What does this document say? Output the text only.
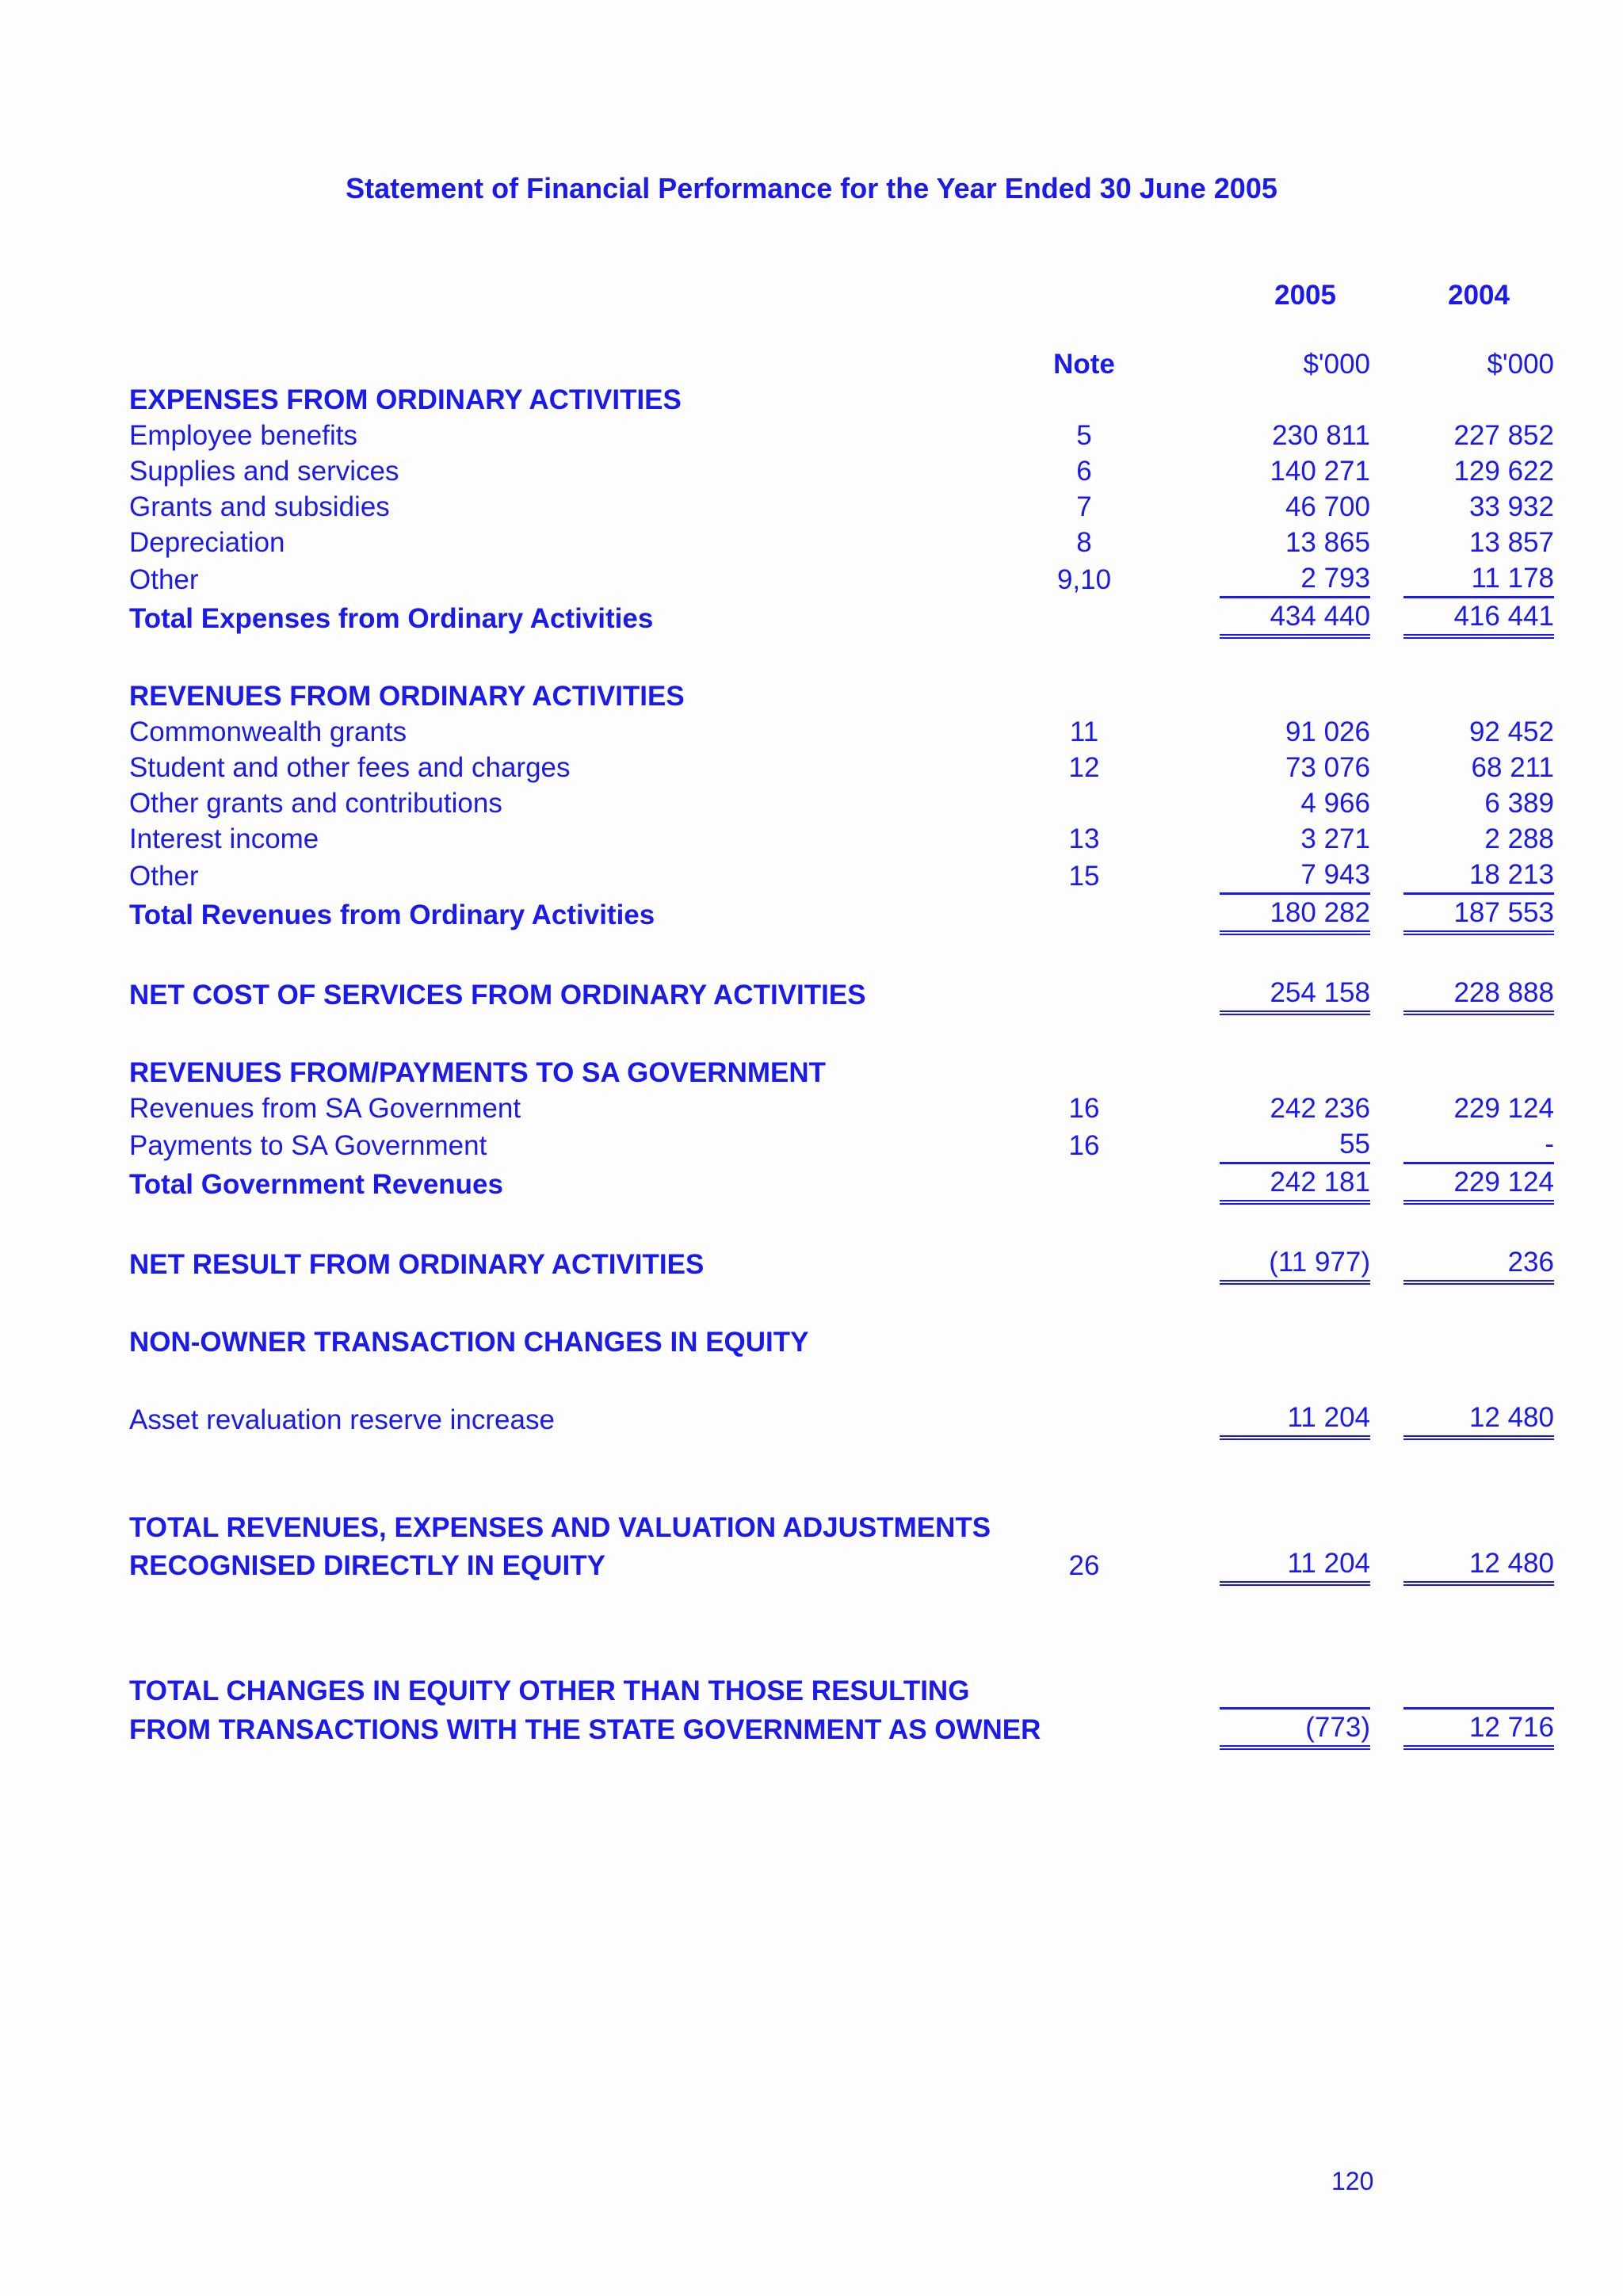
Statement of Financial Performance for the Year Ended 30 June 2005
2005	2004
	Note		$'000		$'000
EXPENSES FROM ORDINARY ACTIVITIES					
Employee benefits	5		230 811		227 852
Supplies and services	6		140 271		129 622
Grants and subsidies	7		46 700		33 932
Depreciation	8		13 865		13 857
Other	9,10		2 793		11 178
Total Expenses from Ordinary Activities			434 440		416 441

REVENUES FROM ORDINARY ACTIVITIES					
Commonwealth grants	11		91 026		92 452
Student and other fees and charges	12		73 076		68 211
Other grants and contributions			4 966		6 389
Interest income	13		3 271		2 288
Other	15		7 943		18 213
Total Revenues from Ordinary Activities			180 282		187 553

NET COST OF SERVICES FROM ORDINARY ACTIVITIES			254 158		228 888

REVENUES FROM/PAYMENTS TO SA GOVERNMENT					
Revenues from SA Government	16		242 236		229 124
Payments to SA Government	16		55		-
Total Government Revenues			242 181		229 124

NET RESULT FROM ORDINARY ACTIVITIES			(11 977)		236

NON-OWNER TRANSACTION CHANGES IN EQUITY					

Asset revaluation reserve increase			11 204		12 480

TOTAL REVENUES, EXPENSES AND VALUATION ADJUSTMENTS					
RECOGNISED DIRECTLY IN EQUITY	26		11 204		12 480

TOTAL CHANGES IN EQUITY OTHER THAN THOSE RESULTING					
FROM TRANSACTIONS WITH THE STATE GOVERNMENT AS OWNER			(773)		12 716
120
